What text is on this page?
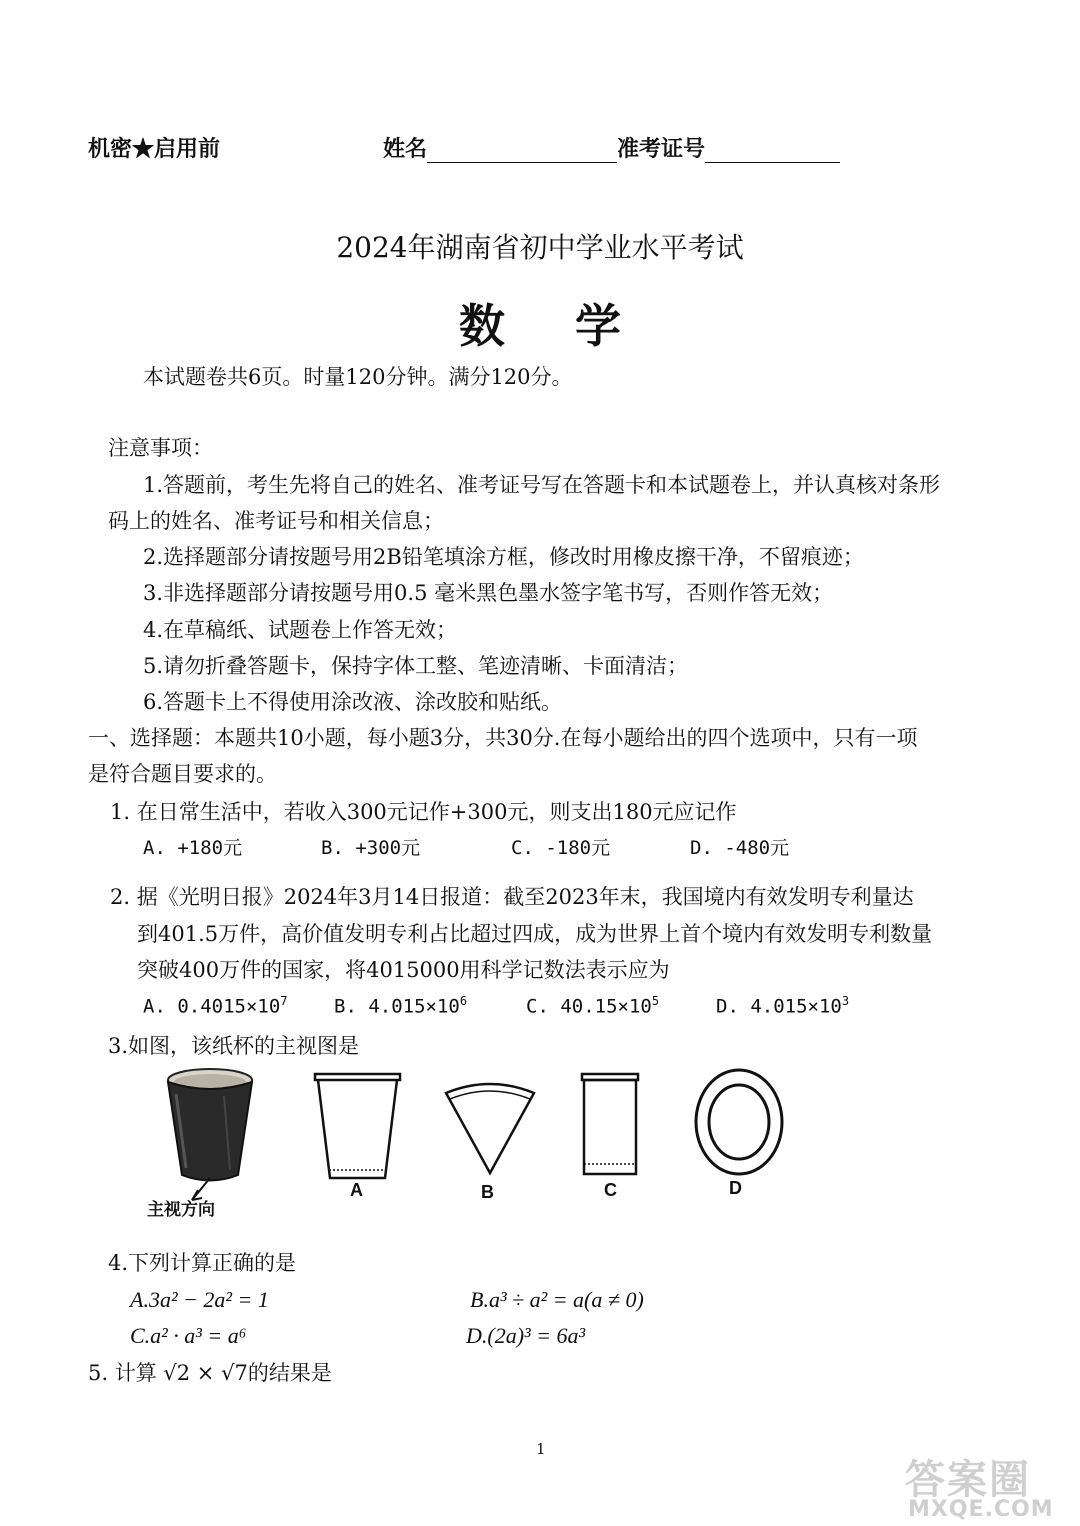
机密★启用前	姓名	准考证号
2024年湖南省初中学业水平考试
数学
本试题卷共6页。时量120分钟。满分120分。
注意事项：
1.答题前，考生先将自己的姓名、准考证号写在答题卡和本试题卷上，并认真核对条形
码上的姓名、准考证号和相关信息；
2.选择题部分请按题号用2B铅笔填涂方框，修改时用橡皮擦干净，不留痕迹；
3.非选择题部分请按题号用0.5 毫米黑色墨水签字笔书写，否则作答无效；
4.在草稿纸、试题卷上作答无效；
5.请勿折叠答题卡，保持字体工整、笔迹清晰、卡面清洁；
6.答题卡上不得使用涂改液、涂改胶和贴纸。
一、选择题：本题共10小题，每小题3分，共30分.在每小题给出的四个选项中，只有一项
是符合题目要求的。
1. 在日常生活中，若收入300元记作+300元，则支出180元应记作
A. +180元	B. +300元	C. -180元	D. -480元
2. 据《光明日报》2024年3月14日报道：截至2023年末，我国境内有效发明专利量达
到401.5万件，高价值发明专利占比超过四成，成为世界上首个境内有效发明专利数量
突破400万件的国家，将4015000用科学记数法表示应为
A. $0.4015\times 10^7$ B. $4.015\times 10^6$	C. $40.15\times 10^5$	D. $4.015\times 10^3$
3.如图，该纸杯的主视图是
主视方向
A	B	C	D
4.下列计算正确的是
A.3a² − 2a² = 1	B.a³ ÷ a² = a(a ≠ 0)
C.a² · a³ = a⁶	D.(2a)³ = 6a³
5. 计算 √2 × √7的结果是
1
答案圈
MXQE.COM
